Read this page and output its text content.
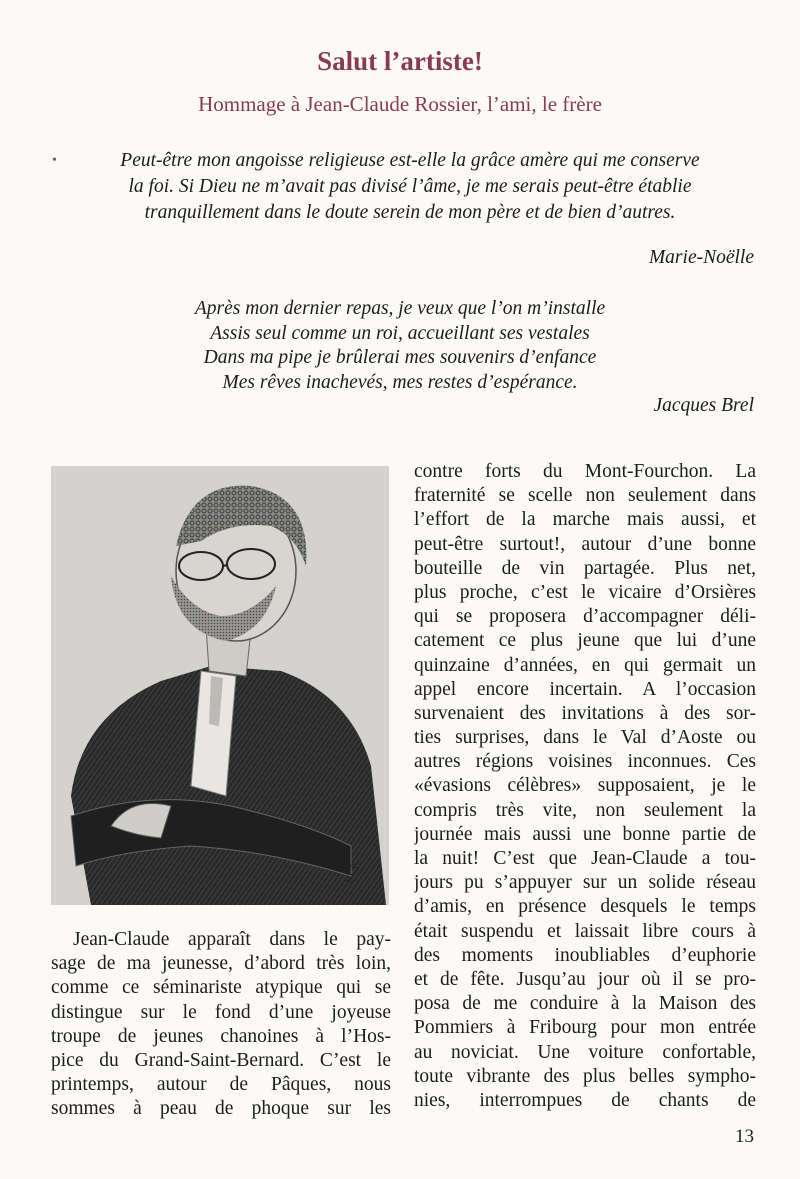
Salut l’artiste!
Hommage à Jean-Claude Rossier, l’ami, le frère
•	Peut-être mon angoisse religieuse est-elle la grâce amère qui me conserve
la foi. Si Dieu ne m’avait pas divisé l’âme, je me serais peut-être établie
tranquillement dans le doute serein de mon père et de bien d’autres.
Marie-Noëlle
Après mon dernier repas, je veux que l’on m’installe
Assis seul comme un roi, accueillant ses vestales
Dans ma pipe je brûlerai mes souvenirs d’enfance
Mes rêves inachevés, mes restes d’espérance.
Jacques Brel
HCK
Jean-Claude apparaît dans le pay-
sage de ma jeunesse, d’abord très loin,
comme ce séminariste atypique qui se
distingue sur le fond d’une joyeuse
troupe de jeunes chanoines à l’Hos-
pice du Grand-Saint-Bernard. C’est le
printemps, autour de Pâques, nous
sommes à peau de phoque sur les
contre forts du Mont-Fourchon. La
fraternité se scelle non seulement dans
l’effort de la marche mais aussi, et
peut-être surtout!, autour d’une bonne
bouteille de vin partagée. Plus net,
plus proche, c’est le vicaire d’Orsières
qui se proposera d’accompagner déli-
catement ce plus jeune que lui d’une
quinzaine d’années, en qui germait un
appel encore incertain. A l’occasion
survenaient des invitations à des sor-
ties surprises, dans le Val d’Aoste ou
autres régions voisines inconnues. Ces
«évasions célèbres» supposaient, je le
compris très vite, non seulement la
journée mais aussi une bonne partie de
la nuit! C’est que Jean-Claude a tou-
jours pu s’appuyer sur un solide réseau
d’amis, en présence desquels le temps
était suspendu et laissait libre cours à
des moments inoubliables d’euphorie
et de fête. Jusqu’au jour où il se pro-
posa de me conduire à la Maison des
Pommiers à Fribourg pour mon entrée
au noviciat. Une voiture confortable,
toute vibrante des plus belles sympho-
nies, interrompues de chants de
13
